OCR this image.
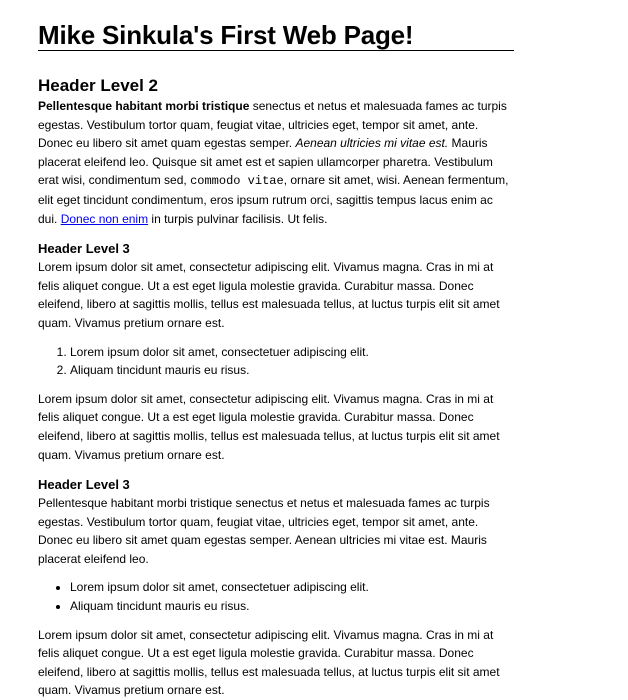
Mike Sinkula's First Web Page!
Header Level 2

Pellentesque habitant morbi tristique senectus et netus et malesuada fames ac turpis egestas. Vestibulum tortor quam, feugiat vitae, ultricies eget, tempor sit amet, ante. Donec eu libero sit amet quam egestas semper. Aenean ultricies mi vitae est. Mauris placerat eleifend leo. Quisque sit amet est et sapien ullamcorper pharetra. Vestibulum erat wisi, condimentum sed, commodo vitae, ornare sit amet, wisi. Aenean fermentum, elit eget tincidunt condimentum, eros ipsum rutrum orci, sagittis tempus lacus enim ac dui. Donec non enim in turpis pulvinar facilisis. Ut felis.

Header Level 3

Lorem ipsum dolor sit amet, consectetur adipiscing elit. Vivamus magna. Cras in mi at felis aliquet congue. Ut a est eget ligula molestie gravida. Curabitur massa. Donec eleifend, libero at sagittis mollis, tellus est malesuada tellus, at luctus turpis elit sit amet quam. Vivamus pretium ornare est.

1. Lorem ipsum dolor sit amet, consectetuer adipiscing elit.
2. Aliquam tincidunt mauris eu risus.

Lorem ipsum dolor sit amet, consectetur adipiscing elit. Vivamus magna. Cras in mi at felis aliquet congue. Ut a est eget ligula molestie gravida. Curabitur massa. Donec eleifend, libero at sagittis mollis, tellus est malesuada tellus, at luctus turpis elit sit amet quam. Vivamus pretium ornare est.

Header Level 3

Pellentesque habitant morbi tristique senectus et netus et malesuada fames ac turpis egestas. Vestibulum tortor quam, feugiat vitae, ultricies eget, tempor sit amet, ante. Donec eu libero sit amet quam egestas semper. Aenean ultricies mi vitae est. Mauris placerat eleifend leo.

• Lorem ipsum dolor sit amet, consectetuer adipiscing elit.
• Aliquam tincidunt mauris eu risus.

Lorem ipsum dolor sit amet, consectetur adipiscing elit. Vivamus magna. Cras in mi at felis aliquet congue. Ut a est eget ligula molestie gravida. Curabitur massa. Donec eleifend, libero at sagittis mollis, tellus est malesuada tellus, at luctus turpis elit sit amet quam. Vivamus pretium ornare est.
